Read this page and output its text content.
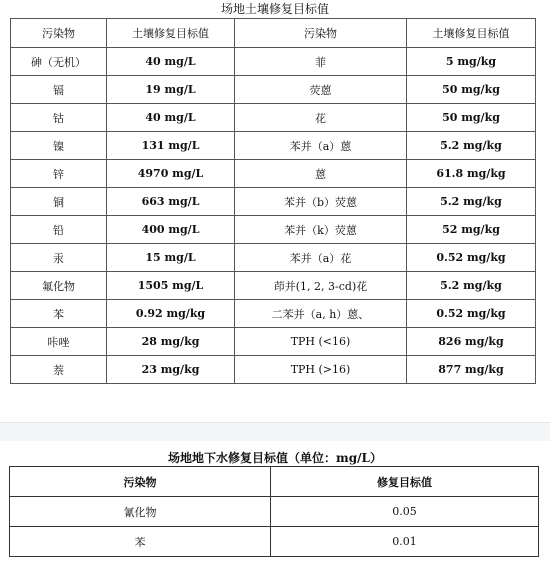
场地土壤修复目标值
污染物	土壤修复目标值	污染物	土壤修复目标值
砷（无机）	40 mg/L	菲	5 mg/kg
镉	19 mg/L	荧蒽	50 mg/kg
钴	40 mg/L	花	50 mg/kg
镍	131 mg/L	苯并（a）蒽	5.2 mg/kg
锌	4970 mg/L	蒽	61.8 mg/kg
铜	663 mg/L	苯并（b）荧蒽	5.2 mg/kg
铅	400 mg/L	苯并（k）荧蒽	52 mg/kg
汞	15 mg/L	苯并（a）花	0.52 mg/kg
氟化物	1505 mg/L	茚并(1, 2, 3-cd)花	5.2 mg/kg
苯	0.92 mg/kg	二苯并（a, h）蒽、	0.52 mg/kg
咔唑	28 mg/kg	TPH (<16)	826 mg/kg
萘	23 mg/kg	TPH (>16)	877 mg/kg
场地地下水修复目标值（单位：mg/L）
污染物	修复目标值
氰化物	0.05
苯	0.01
